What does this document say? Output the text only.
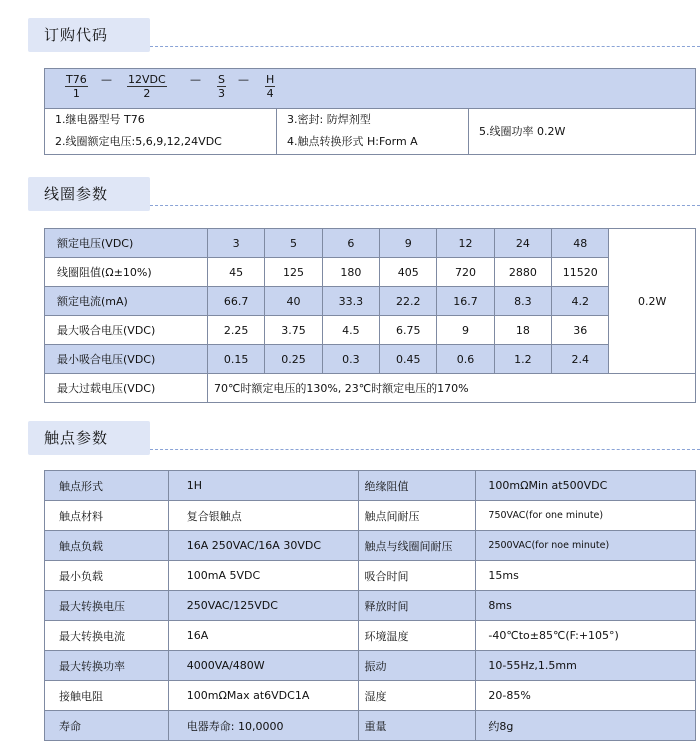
订购代码
T76
1
— 12VDC
2
— S
3
— H
4
1.继电器型号 T76
2.线圈额定电压:5,6,9,12,24VDC
3.密封: 防焊剂型
4.触点转换形式 H:Form A
5.线圈功率 0.2W
线圈参数
额定电压(VDC)	3	5	6	9	12	24	48	0.2W
线圈阻值(Ω±10%)	45	125	180	405	720	2880	11520	
额定电流(mA)	66.7	40	33.3	22.2	16.7	8.3	4.2	
最大吸合电压(VDC)	2.25	3.75	4.5	6.75	9	18	36	
最小吸合电压(VDC)	0.15	0.25	0.3	0.45	0.6	1.2	2.4	
最大过载电压(VDC)	70℃时额定电压的130%, 23℃时额定电压的170%							
触点参数
触点形式	1H	绝缘阻值	100mΩMin at500VDC
触点材料	复合银触点	触点间耐压	750VAC(for one minute)
触点负载	16A 250VAC/16A 30VDC	触点与线圈间耐压	2500VAC(for noe minute)
最小负载	100mA 5VDC	吸合时间	15ms
最大转换电压	250VAC/125VDC	释放时间	8ms
最大转换电流	16A	环境温度	-40℃to±85℃(F:+105°)
最大转换功率	4000VA/480W	振动	10-55Hz,1.5mm
接触电阻	100mΩMax at6VDC1A	湿度	20-85%
寿命	电器寿命: 10,0000	重量	约8g
